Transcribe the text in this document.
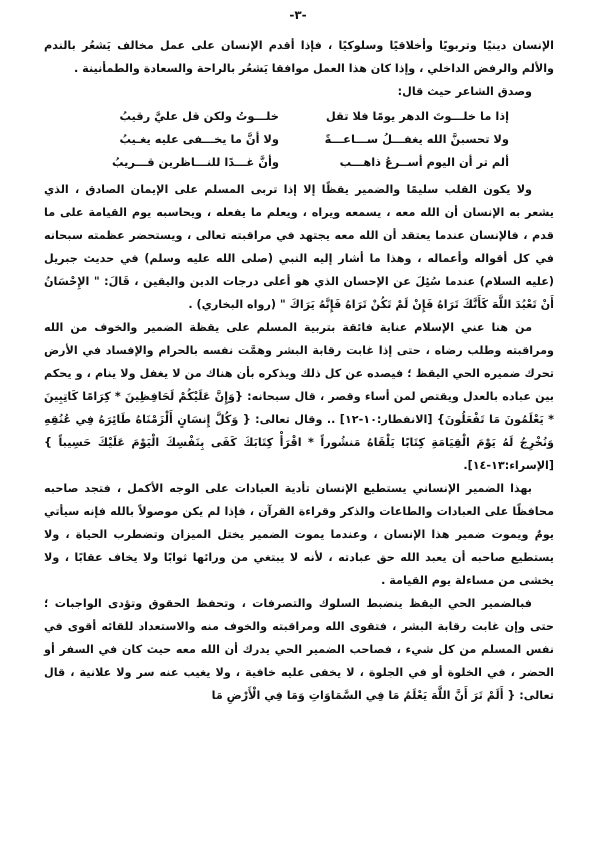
-٣-

الإنسان دينيًا وتربويًا وأخلاقيًا وسلوكيًا ، فإذا أقدم الإنسان على عمل مخالف يَشعُر بالندم والألم والرفض الداخلي ، وإذا كان هذا العمل موافقا يَشعُر بالراحة والسعادة والطمأنينة .

وصدق الشاعر حيث قال:

إذا ما خلـــوتَ الدهر يومًا فلا تقل
خلـــوتُ ولكن قل عليَّ رقيبُ
ولا تحسبنَّ الله يغفـــلُ ســـاعـــةً
ولا أنَّ ما يخـــفى عليه يغـيبُ
ألم تر أن اليوم أســرعُ ذاهـــب
وأنَّ غـــدًا للنـــاظرين قـــريبُ

ولا يكون القلب سليمًا والضمير يقظًا إلا إذا تربى المسلم على الإيمان الصادق ، الذي يشعر به الإنسان أن الله معه ، يسمعه ويراه ، ويعلم ما يفعله ، ويحاسبه يوم القيامة على ما قدم ، فالإنسان عندما يعتقد أن الله معه يجتهد في مراقبته تعالى ، ويستحضر عظمته سبحانه في كل أقواله وأعماله ، وهذا ما أشار إليه النبي (صلى الله عليه وسلم) في حديث جبريل (عليه السلام) عندما سُئِلَ عن الإحسان الذي هو أعلى درجات الدين واليقين ، قَالَ: " الإِحْسَانُ أَنْ تَعْبُدَ اللَّهَ كَأَنَّكَ تَرَاهُ فَإِنْ لَمْ تَكُنْ تَرَاهُ فَإِنَّهُ يَرَاكَ " (رواه البخاري) .

من هنا عني الإسلام عناية فائقة بتربية المسلم على يقظة الضمير والخوف من الله ومراقبته وطلب رضاه ، حتى إذا غابت رقابة البشر وهمَّت نفسه بالحرام والإفساد في الأرض تحرك ضميره الحي اليقظ ؛ فيصده عن كل ذلك ويذكره بأن هناك من لا يغفل ولا ينام ، و يحكم بين عباده بالعدل ويقتص لمن أساء وقصر ، قال سبحانه: {وَإِنَّ عَلَيْكُمْ لَحَافِظِينَ * كِرَامًا كَاتِبِينَ * يَعْلَمُونَ مَا تَفْعَلُونَ} [الانفطار:١٠-١٢] .. وقال تعالى: { وَكُلَّ إِنسَانٍ أَلْزَمْنَاهُ طَائِرَهُ فِي عُنُقِهِ وَنُخْرِجُ لَهُ يَوْمَ الْقِيَامَةِ كِتَابًا يَلْقَاهُ مَنشُوراً * اقْرَأْ كِتَابَكَ كَفَى بِنَفْسِكَ الْيَوْمَ عَلَيْكَ حَسِيباً } [الإسراء:١٣-١٤].

بهذا الضمير الإنساني يستطيع الإنسان تأدية العبادات على الوجه الأكمل ، فتجد صاحبه محافظًا على العبادات والطاعات والذكر وقراءة القرآن ، فإذا لم يكن موصولاً بالله فإنه سيأتي يومٌ ويموت ضمير هذا الإنسان ، وعندما يموت الضمير يختل الميزان وتضطرب الحياة ، ولا يستطيع صاحبه أن يعبد الله حق عبادته ، لأنه لا يبتغي من ورائها ثوابًا ولا يخاف عقابًا ، ولا يخشى من مساءلة يوم القيامة .

فبالضمير الحي اليقظ ينضبط السلوك والتصرفات ، وتحفظ الحقوق وتؤدى الواجبات ؛ حتى وإن غابت رقابة البشر ، فتقوى الله ومراقبته والخوف منه والاستعداد للقائه أقوى في نفس المسلم من كل شيء ، فصاحب الضمير الحي يدرك أن الله معه حيث كان في السفر أو الحضر ، في الخلوة أو في الجلوة ، لا يخفى عليه خافية ، ولا يغيب عنه سر ولا علانية ، قال تعالى: { أَلَمْ تَرَ أَنَّ اللَّهَ يَعْلَمُ مَا فِي السَّمَاوَاتِ وَمَا فِي الْأَرْضِ مَا
